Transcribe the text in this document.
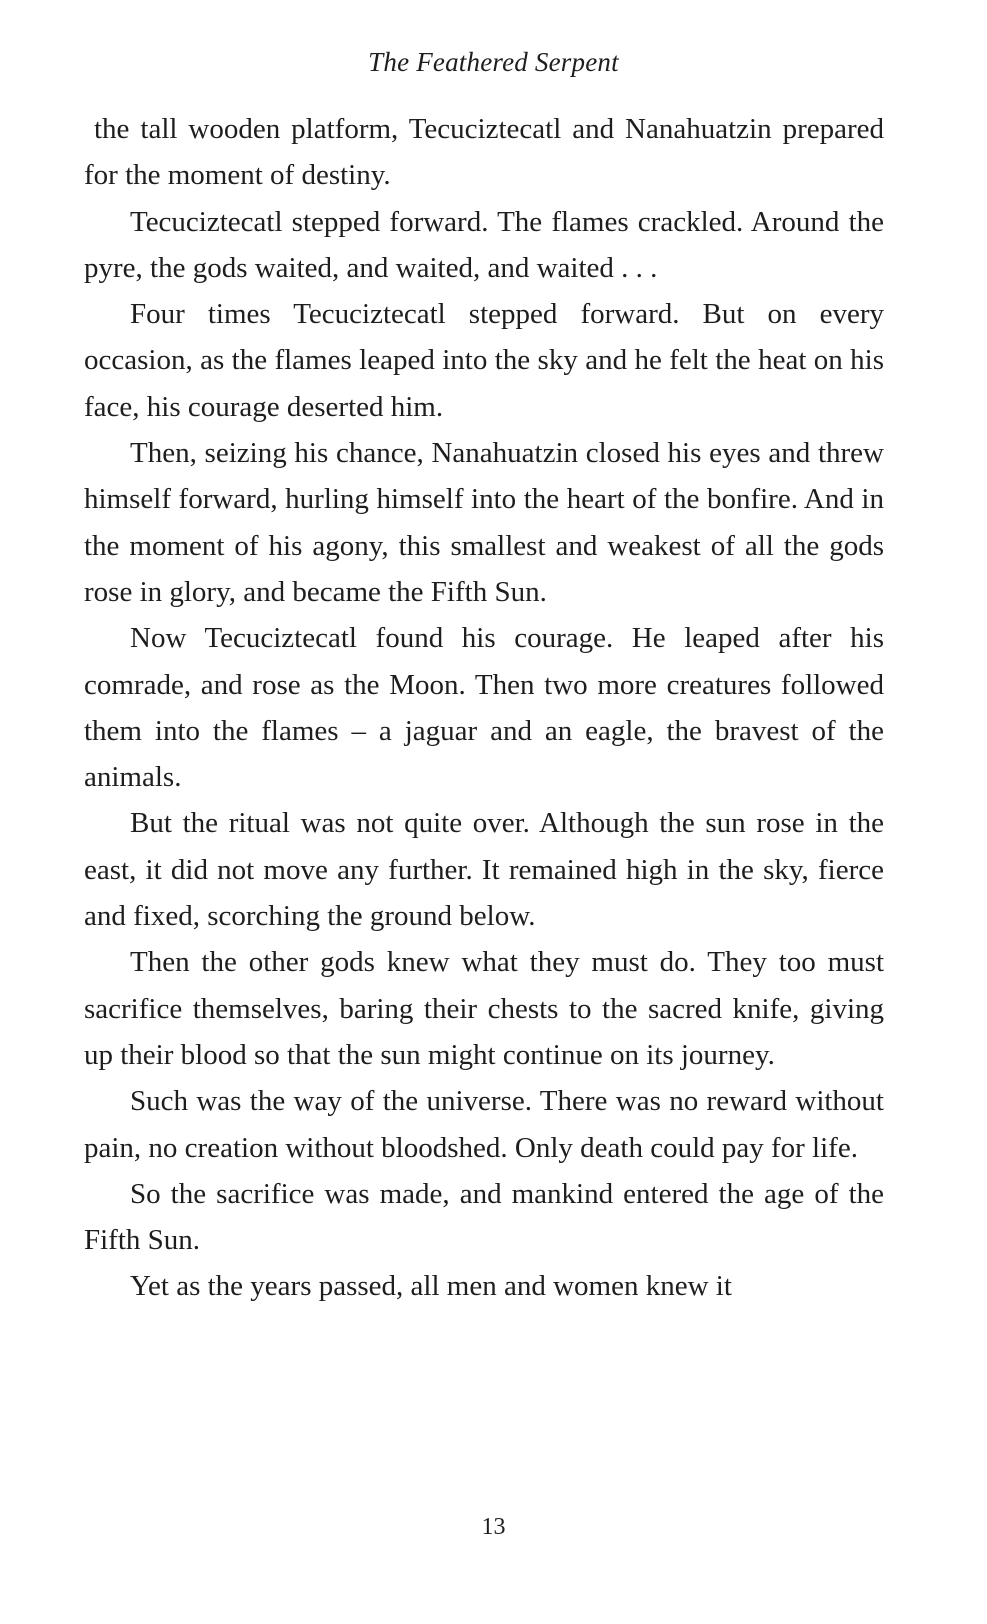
The Feathered Serpent

the tall wooden platform, Tecuciztecatl and Nanahuatzin prepared for the moment of destiny.

Tecuciztecatl stepped forward. The flames crackled. Around the pyre, the gods waited, and waited, and waited . . .

Four times Tecuciztecatl stepped forward. But on every occasion, as the flames leaped into the sky and he felt the heat on his face, his courage deserted him.

Then, seizing his chance, Nanahuatzin closed his eyes and threw himself forward, hurling himself into the heart of the bonfire. And in the moment of his agony, this smallest and weakest of all the gods rose in glory, and became the Fifth Sun.

Now Tecuciztecatl found his courage. He leaped after his comrade, and rose as the Moon. Then two more creatures followed them into the flames – a jaguar and an eagle, the bravest of the animals.

But the ritual was not quite over. Although the sun rose in the east, it did not move any further. It remained high in the sky, fierce and fixed, scorching the ground below.

Then the other gods knew what they must do. They too must sacrifice themselves, baring their chests to the sacred knife, giving up their blood so that the sun might continue on its journey.

Such was the way of the universe. There was no reward without pain, no creation without bloodshed. Only death could pay for life.

So the sacrifice was made, and mankind entered the age of the Fifth Sun.

Yet as the years passed, all men and women knew it

13
